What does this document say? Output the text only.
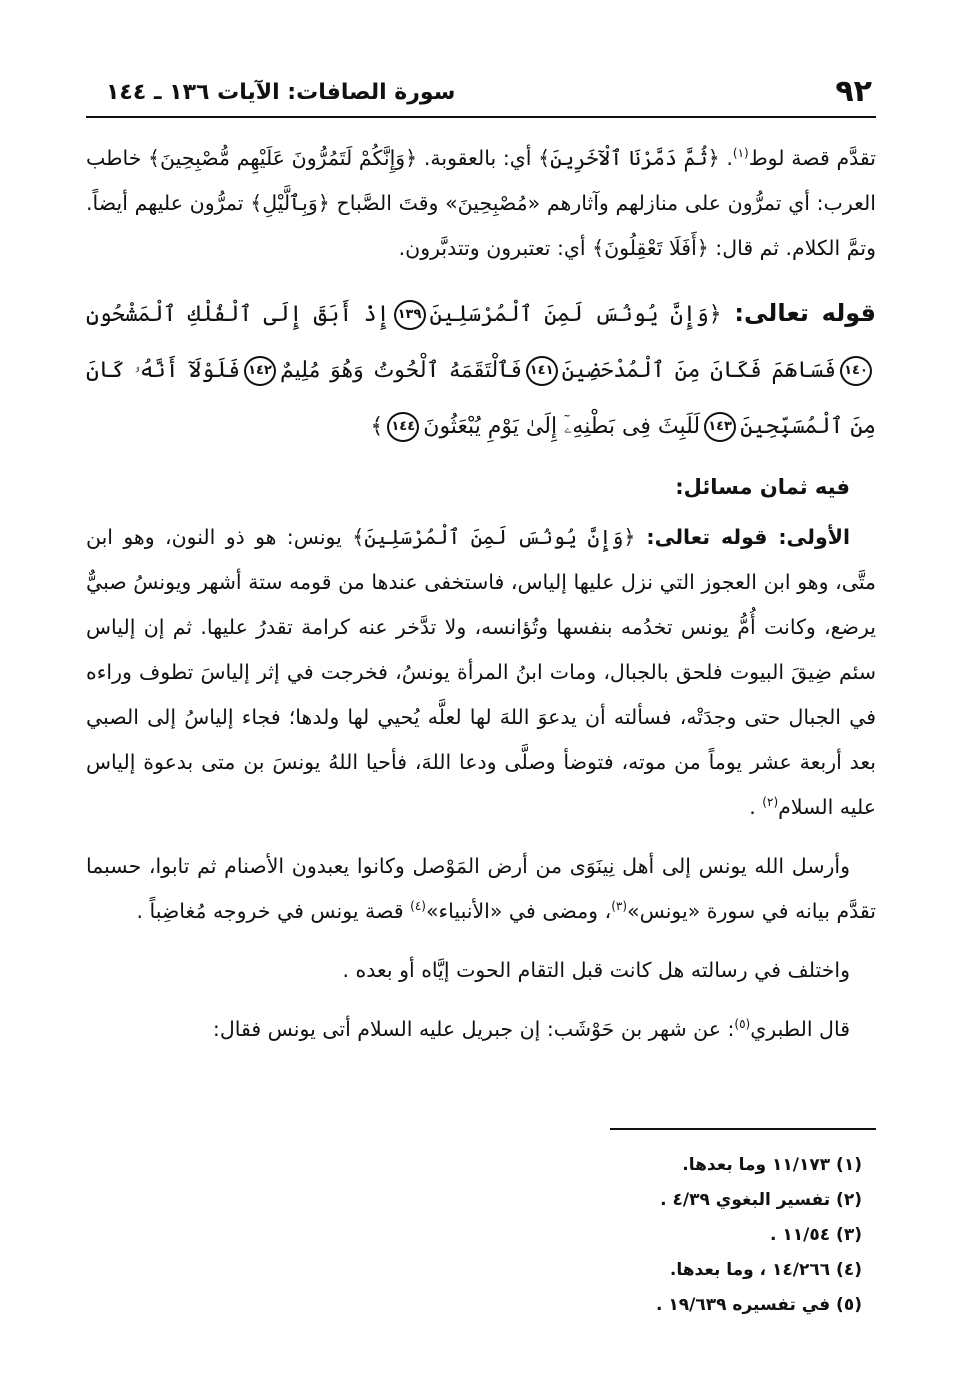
٩٢
سورة الصافات: الآيات ١٣٦ ـ ١٤٤

تقدَّم قصة لوط$^{(١)}$. ﴿ثُمَّ دَمَّرْنَا ٱلْآخَرِينَ﴾ أي: بالعقوبة. ﴿وَإِنَّكُمْ لَتَمُرُّونَ عَلَيْهِم مُّصْبِحِينَ﴾ خاطب العرب: أي تمرُّون على منازلهم وآثارهم «مُصْبِحِينَ» وقتَ الصَّباح ﴿وَبِٱلَّيْلِ﴾ تمرُّون عليهم أيضاً. وتمَّ الكلام. ثم قال: ﴿أَفَلَا تَعْقِلُونَ﴾ أي: تعتبرون وتتدبَّرون.

قوله تعالى: ﴿وَإِنَّ يُونُسَ لَمِنَ ٱلْمُرْسَلِينَ١٣٩إِذْ أَبَقَ إِلَى ٱلْفُلْكِ ٱلْمَشْحُونِ١٤٠فَسَاهَمَ فَكَانَ مِنَ ٱلْمُدْحَضِينَ١٤١فَٱلْتَقَمَهُ ٱلْحُوتُ وَهُوَ مُلِيمٌ١٤٢فَلَوْلَآ أَنَّهُۥ كَانَ مِنَ ٱلْمُسَبِّحِينَ١٤٣لَلَبِثَ فِى بَطْنِهِۦٓ إِلَىٰ يَوْمِ يُبْعَثُونَ١٤٤﴾

فيه ثمان مسائل:

الأولى: قوله تعالى: ﴿وَإِنَّ يُونُسَ لَمِنَ ٱلْمُرْسَلِينَ﴾ يونس: هو ذو النون، وهو ابن متَّى، وهو ابن العجوز التي نزل عليها إلياس، فاستخفى عندها من قومه ستة أشهر ويونسُ صبيٌّ يرضع، وكانت أُمُّ يونس تخدُمه بنفسها وتُؤانسه، ولا تدَّخر عنه كرامة تقدرُ عليها. ثم إن إلياس سئم ضِيقَ البيوت فلحق بالجبال، ومات ابنُ المرأة يونسُ، فخرجت في إثر إلياسَ تطوف وراءه في الجبال حتى وجدَتْه، فسألته أن يدعوَ اللهَ لها لعلَّه يُحيي لها ولدها؛ فجاء إلياسُ إلى الصبي بعد أربعة عشر يوماً من موته، فتوضأ وصلَّى ودعا اللهَ، فأحيا اللهُ يونسَ بن متى بدعوة إلياس عليه السلام$^{(٢)}$ .

وأرسل الله يونس إلى أهل نِينَوَى من أرض المَوْصل وكانوا يعبدون الأصنام ثم تابوا، حسبما تقدَّم بيانه في سورة «يونس»$^{(٣)}$، ومضى في «الأنبياء»$^{(٤)}$ قصة يونس في خروجه مُغاضِباً .

واختلف في رسالته هل كانت قبل التقام الحوت إيَّاه أو بعده .

قال الطبري$^{(٥)}$: عن شهر بن حَوْشَب: إن جبريل عليه السلام أتى يونس فقال:

(١) ١١/١٧٣ وما بعدها.

(٢) تفسير البغوي ٤/٣٩ .

(٣) ١١/٥٤ .

(٤) ١٤/٢٦٦ ، وما بعدها.

(٥) في تفسيره ١٩/٦٣٩ .
